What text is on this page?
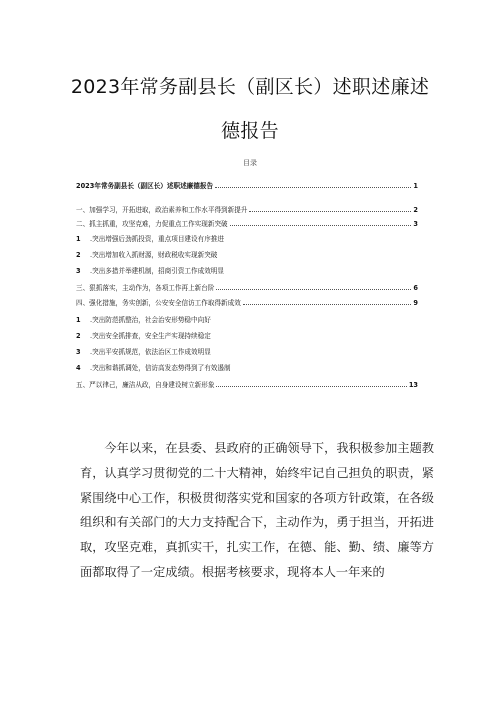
2023年常务副县长（副区长）述职述廉述
德报告
目录
2023年常务副县长（副区长）述职述廉德报告	1
一、加强学习，开拓进取，政治素养和工作水平得到新提升	2
二、抓主抓重，攻坚克难，力促重点工作实现新突破	3
1	.突出增强后劲抓投资，重点项目建设有序推进
2	.突出增加收入抓财源，财政税收实现新突破
3	.突出多措并举建机制，招商引资工作成效明显
三、狠抓落实，主动作为，各项工作再上新台阶	6
四、强化措施，务实创新，公安安全信访工作取得新成效	9
1	.突出防范抓整治，社会治安形势稳中向好
2	.突出安全抓排查，安全生产实现持续稳定
3	.突出平安抓规范，依法治区工作成效明显
4	.突出和谐抓调处，信访高发态势得到了有效遏制
五、严以律己，廉洁从政，自身建设树立新形象	13

今年以来，在县委、县政府的正确领导下，我积极参加主题教育，认真学习贯彻党的二十大精神，始终牢记自己担负的职责，紧紧围绕中心工作，积极贯彻落实党和国家的各项方针政策，在各级组织和有关部门的大力支持配合下，主动作为，勇于担当，开拓进取，攻坚克难，真抓实干，扎实工作，在德、能、勤、绩、廉等方面都取得了一定成绩。根据考核要求，现将本人一年来的
